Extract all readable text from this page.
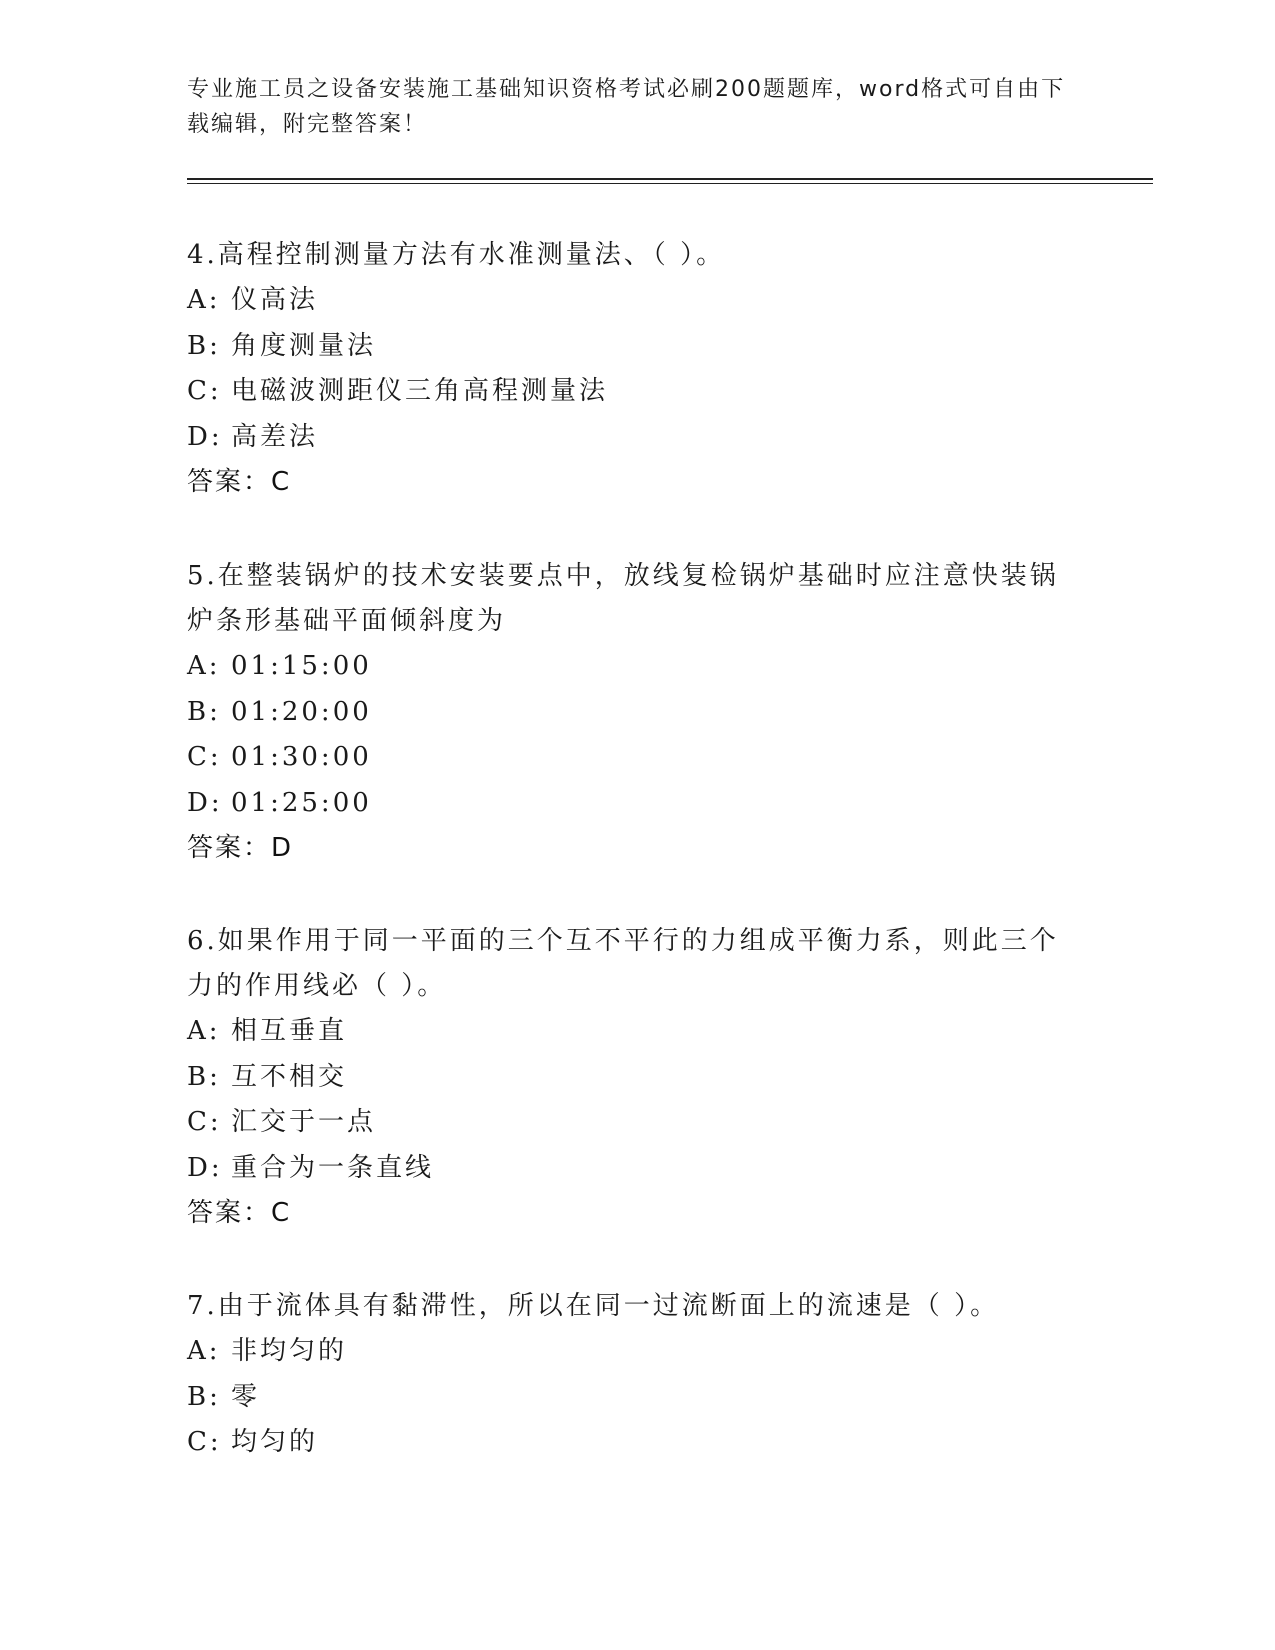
专业施工员之设备安装施工基础知识资格考试必刷200题题库，word格式可自由下载编辑，附完整答案！

4.高程控制测量方法有水准测量法、（ ）。

A: 仪高法

B: 角度测量法

C: 电磁波测距仪三角高程测量法

D: 高差法

答案：C

5.在整装锅炉的技术安装要点中，放线复检锅炉基础时应注意快装锅炉条形基础平面倾斜度为

A: 01:15:00

B: 01:20:00

C: 01:30:00

D: 01:25:00

答案：D

6.如果作用于同一平面的三个互不平行的力组成平衡力系，则此三个力的作用线必（ ）。

A: 相互垂直

B: 互不相交

C: 汇交于一点

D: 重合为一条直线

答案：C

7.由于流体具有黏滞性，所以在同一过流断面上的流速是（ ）。

A: 非均匀的

B: 零

C: 均匀的
